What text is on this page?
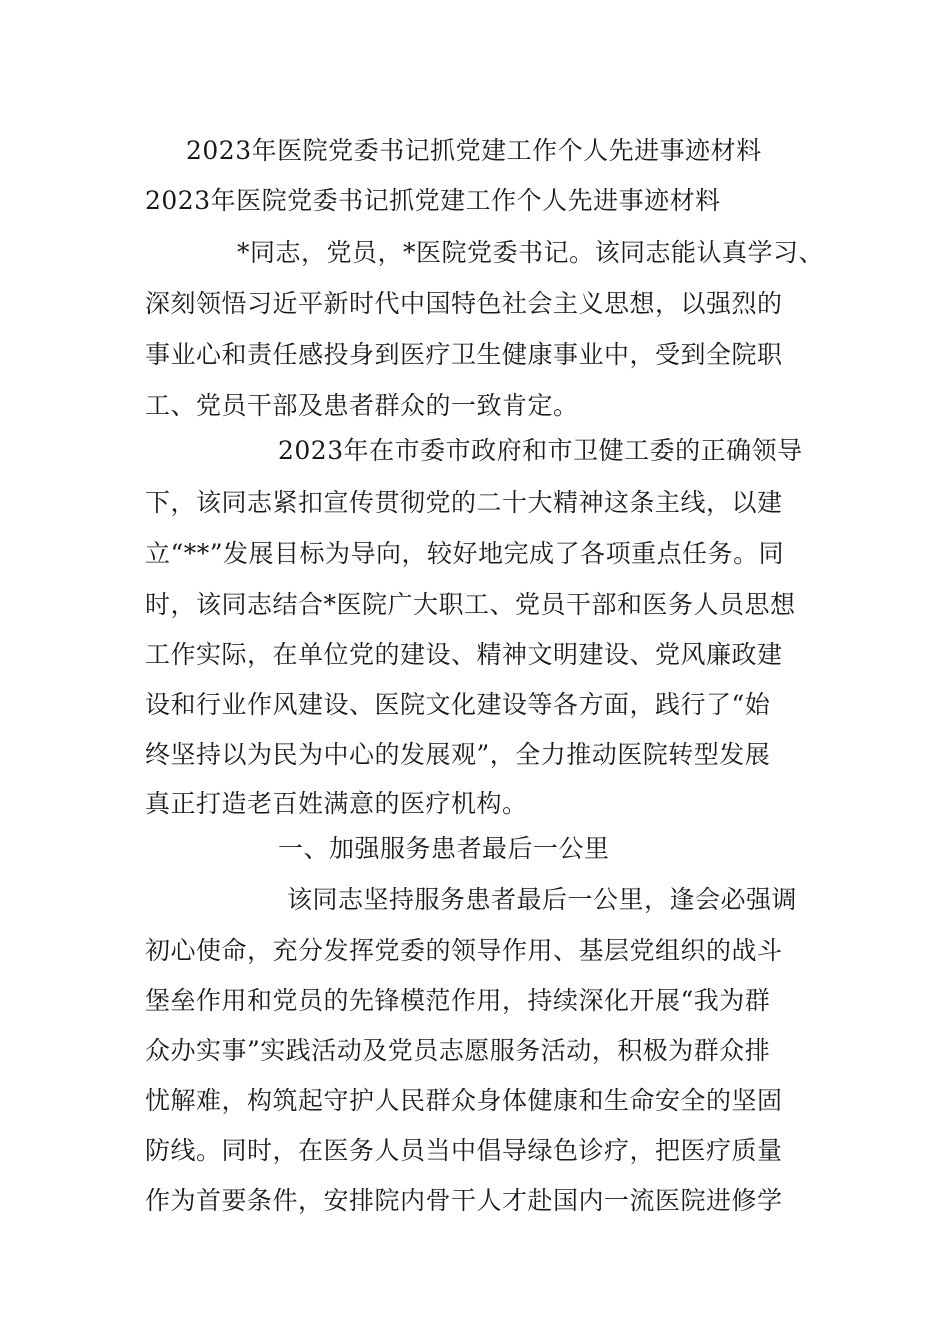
2023年医院党委书记抓党建工作个人先进事迹材料
2023年医院党委书记抓党建工作个人先进事迹材料
*同志，党员，*医院党委书记。该同志能认真学习、
深刻领悟习近平新时代中国特色社会主义思想，以强烈的
事业心和责任感投身到医疗卫生健康事业中，受到全院职
工、党员干部及患者群众的一致肯定。
2023年在市委市政府和市卫健工委的正确领导
下，该同志紧扣宣传贯彻党的二十大精神这条主线，以建
立“**”发展目标为导向，较好地完成了各项重点任务。同
时，该同志结合*医院广大职工、党员干部和医务人员思想
工作实际，在单位党的建设、精神文明建设、党风廉政建
设和行业作风建设、医院文化建设等各方面，践行了“始
终坚持以为民为中心的发展观”，全力推动医院转型发展
真正打造老百姓满意的医疗机构。
一、加强服务患者最后一公里
该同志坚持服务患者最后一公里，逢会必强调
初心使命，充分发挥党委的领导作用、基层党组织的战斗
堡垒作用和党员的先锋模范作用，持续深化开展“我为群
众办实事”实践活动及党员志愿服务活动，积极为群众排
忧解难，构筑起守护人民群众身体健康和生命安全的坚固
防线。同时，在医务人员当中倡导绿色诊疗，把医疗质量
作为首要条件，安排院内骨干人才赴国内一流医院进修学
